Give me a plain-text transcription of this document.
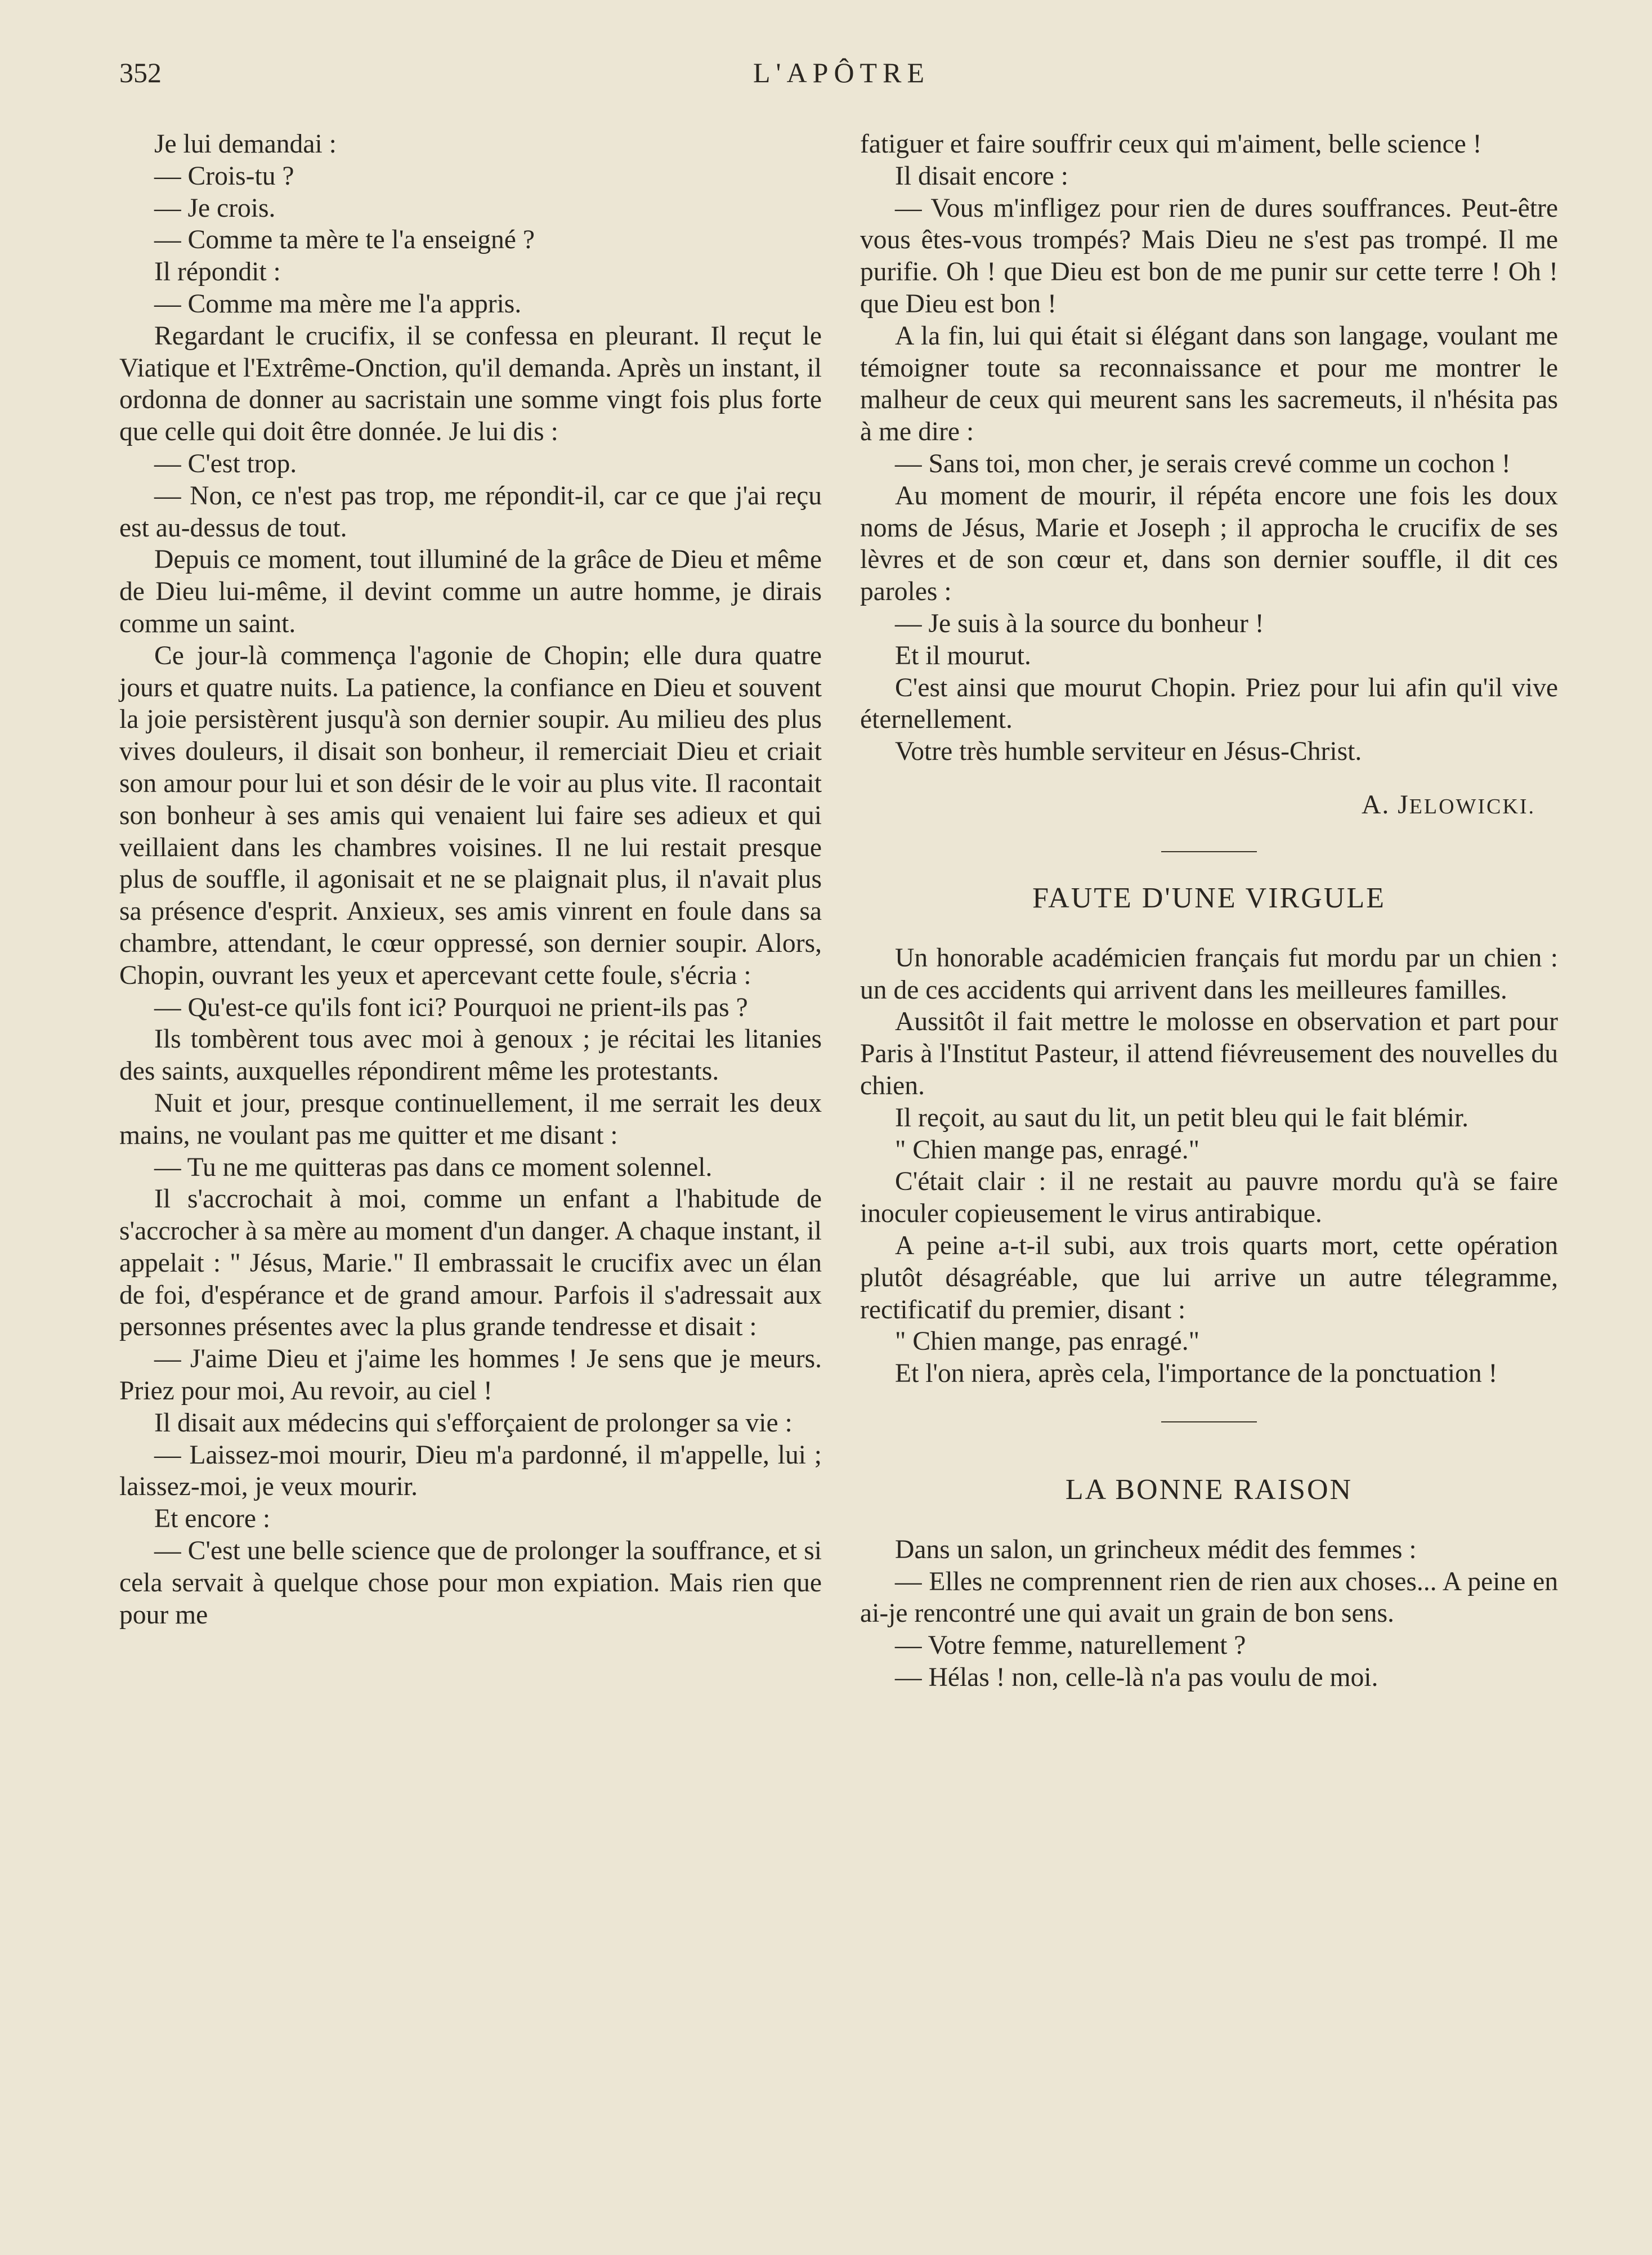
352	L'APÔTRE

Je lui demandai :

— Crois-tu ?

— Je crois.

— Comme ta mère te l'a enseigné ?

Il répondit :

— Comme ma mère me l'a appris.

Regardant le crucifix, il se confessa en pleurant. Il reçut le Viatique et l'Extrême-Onction, qu'il demanda. Après un instant, il ordonna de donner au sacristain une somme vingt fois plus forte que celle qui doit être donnée. Je lui dis :

— C'est trop.

— Non, ce n'est pas trop, me répondit-il, car ce que j'ai reçu est au-dessus de tout.

Depuis ce moment, tout illuminé de la grâce de Dieu et même de Dieu lui-même, il devint comme un autre homme, je dirais comme un saint.

Ce jour-là commença l'agonie de Chopin; elle dura quatre jours et quatre nuits. La patience, la confiance en Dieu et souvent la joie persistèrent jusqu'à son dernier soupir. Au milieu des plus vives douleurs, il disait son bonheur, il remerciait Dieu et criait son amour pour lui et son désir de le voir au plus vite. Il racontait son bonheur à ses amis qui venaient lui faire ses adieux et qui veillaient dans les chambres voisines. Il ne lui restait presque plus de souffle, il agonisait et ne se plaignait plus, il n'avait plus sa présence d'esprit. Anxieux, ses amis vinrent en foule dans sa chambre, attendant, le cœur oppressé, son dernier soupir. Alors, Chopin, ouvrant les yeux et apercevant cette foule, s'écria :

— Qu'est-ce qu'ils font ici? Pourquoi ne prient-ils pas ?

Ils tombèrent tous avec moi à genoux ; je récitai les litanies des saints, auxquelles répondirent même les protestants.

Nuit et jour, presque continuellement, il me serrait les deux mains, ne voulant pas me quitter et me disant :

— Tu ne me quitteras pas dans ce moment solennel.

Il s'accrochait à moi, comme un enfant a l'habitude de s'accrocher à sa mère au moment d'un danger. A chaque instant, il appelait : " Jésus, Marie." Il embrassait le crucifix avec un élan de foi, d'espérance et de grand amour. Parfois il s'adressait aux personnes présentes avec la plus grande tendresse et disait :

— J'aime Dieu et j'aime les hommes ! Je sens que je meurs. Priez pour moi, Au revoir, au ciel !

Il disait aux médecins qui s'efforçaient de prolonger sa vie :

— Laissez-moi mourir, Dieu m'a pardonné, il m'appelle, lui ; laissez-moi, je veux mourir.

Et encore :

— C'est une belle science que de prolonger la souffrance, et si cela servait à quelque chose pour mon expiation. Mais rien que pour me

fatiguer et faire souffrir ceux qui m'aiment, belle science !

Il disait encore :

— Vous m'infligez pour rien de dures souffrances. Peut-être vous êtes-vous trompés? Mais Dieu ne s'est pas trompé. Il me purifie. Oh ! que Dieu est bon de me punir sur cette terre ! Oh ! que Dieu est bon !

A la fin, lui qui était si élégant dans son langage, voulant me témoigner toute sa reconnaissance et pour me montrer le malheur de ceux qui meurent sans les sacremeuts, il n'hésita pas à me dire :

— Sans toi, mon cher, je serais crevé comme un cochon !

Au moment de mourir, il répéta encore une fois les doux noms de Jésus, Marie et Joseph ; il approcha le crucifix de ses lèvres et de son cœur et, dans son dernier souffle, il dit ces paroles :

— Je suis à la source du bonheur !

Et il mourut.

C'est ainsi que mourut Chopin. Priez pour lui afin qu'il vive éternellement.

Votre très humble serviteur en Jésus-Christ.

A. JELOWICKI.
FAUTE D'UNE VIRGULE

Un honorable académicien français fut mordu par un chien : un de ces accidents qui arrivent dans les meilleures familles.

Aussitôt il fait mettre le molosse en observation et part pour Paris à l'Institut Pasteur, il attend fiévreusement des nouvelles du chien.

Il reçoit, au saut du lit, un petit bleu qui le fait blémir.

" Chien mange pas, enragé."

C'était clair : il ne restait au pauvre mordu qu'à se faire inoculer copieusement le virus antirabique.

A peine a-t-il subi, aux trois quarts mort, cette opération plutôt désagréable, que lui arrive un autre télegramme, rectificatif du premier, disant :

" Chien mange, pas enragé."

Et l'on niera, après cela, l'importance de la ponctuation !

LA BONNE RAISON

Dans un salon, un grincheux médit des femmes :

— Elles ne comprennent rien de rien aux choses... A peine en ai-je rencontré une qui avait un grain de bon sens.

— Votre femme, naturellement ?

— Hélas ! non, celle-là n'a pas voulu de moi.
